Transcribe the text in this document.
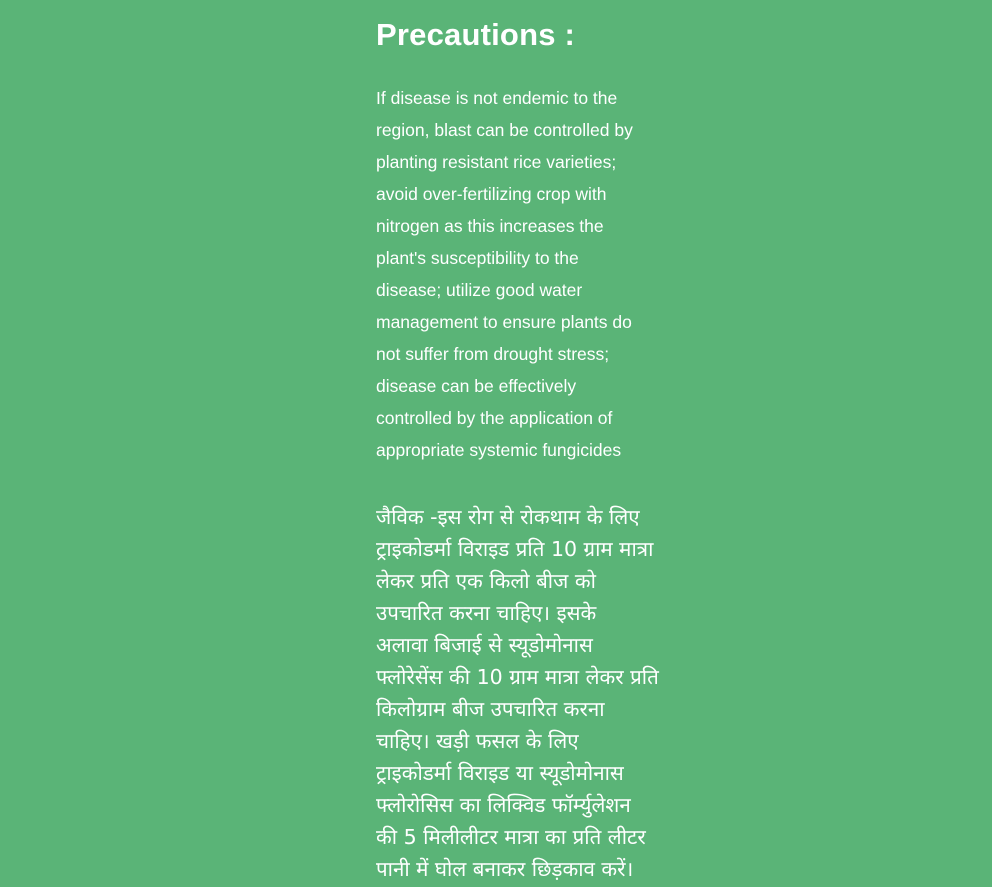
Precautions :

If disease is not endemic to the
region, blast can be controlled by
planting resistant rice varieties;
avoid over-fertilizing crop with
nitrogen as this increases the
plant's susceptibility to the
disease; utilize good water
management to ensure plants do
not suffer from drought stress;
disease can be effectively
controlled by the application of
appropriate systemic fungicides

जैविक -इस रोग से रोकथाम के लिए
ट्राइकोडर्मा विराइड प्रति 10 ग्राम मात्रा
लेकर प्रति एक किलो बीज को
उपचारित करना चाहिए। इसके
अलावा बिजाई से स्यूडोमोनास
फ्लोरेसेंस की 10 ग्राम मात्रा लेकर प्रति
किलोग्राम बीज उपचारित करना
चाहिए। खड़ी फसल के लिए
ट्राइकोडर्मा विराइड या स्यूडोमोनास
फ्लोरोसिस का लिक्विड फॉर्म्युलेशन
की 5 मिलीलीटर मात्रा का प्रति लीटर
पानी में घोल बनाकर छिड़काव करें।
